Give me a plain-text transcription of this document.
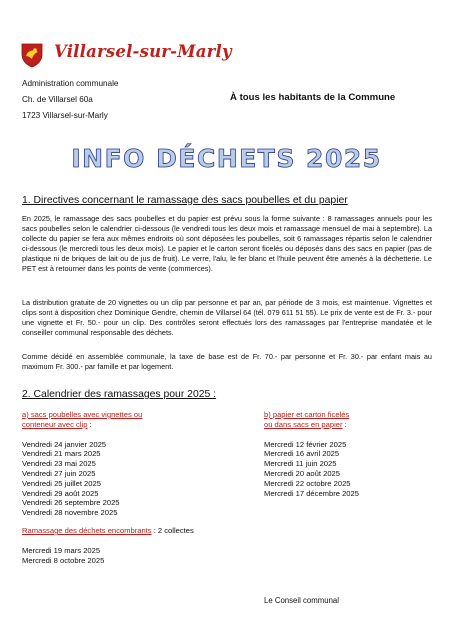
Villarsel-sur-Marly
Administration communale
Ch. de Villarsel 60a
1723 Villarsel-sur-Marly
À tous les habitants de la Commune
INFO DÉCHETS 2025
1. Directives concernant le ramassage des sacs poubelles et du papier
En 2025, le ramassage des sacs poubelles et du papier est prévu sous la forme suivante : 8 ramassages annuels pour les sacs poubelles selon le calendrier ci-dessous (le vendredi tous les deux mois et ramassage mensuel de mai à septembre). La collecte du papier se fera aux mêmes endroits où sont déposées les poubelles, soit 6 ramassages répartis selon le calendrier ci-dessous (le mercredi tous les deux mois). Le papier et le carton seront ficelés ou déposés dans des sacs en papier (pas de plastique ni de briques de lait ou de jus de fruit). Le verre, l'alu, le fer blanc et l'huile peuvent être amenés à la déchetterie. Le PET est à retourner dans les points de vente (commerces).
La distribution gratuite de 20 vignettes ou un clip par personne et par an, par période de 3 mois, est maintenue. Vignettes et clips sont à disposition chez Dominique Gendre, chemin de Villarsel 64 (tél. 079 611 51 55). Le prix de vente est de Fr. 3.- pour une vignette et Fr. 50.- pour un clip. Des contrôles seront effectués lors des ramassages par l'entreprise mandatée et le conseiller communal responsable des déchets.
Comme décidé en assemblée communale, la taxe de base est de Fr. 70.- par personne et Fr. 30.- par enfant mais au maximum Fr. 300.- par famille et par logement.
2. Calendrier des ramassages pour 2025 :
a) sacs poubelles avec vignettes ou
conteneur avec clip :
Vendredi 24 janvier 2025
Vendredi 21 mars 2025
Vendredi 23 mai 2025
Vendredi 27 juin 2025
Vendredi 25 juillet 2025
Vendredi 29 août 2025
Vendredi 26 septembre 2025
Vendredi 28 novembre 2025
b) papier et carton ficelés
ou dans sacs en papier :
Mercredi 12 février 2025
Mercredi 16 avril 2025
Mercredi 11 juin 2025
Mercredi 20 août 2025
Mercredi 22 octobre 2025
Mercredi 17 décembre 2025
Ramassage des déchets encombrants : 2 collectes
Mercredi 19 mars 2025
Mercredi 8 octobre 2025
Le Conseil communal
